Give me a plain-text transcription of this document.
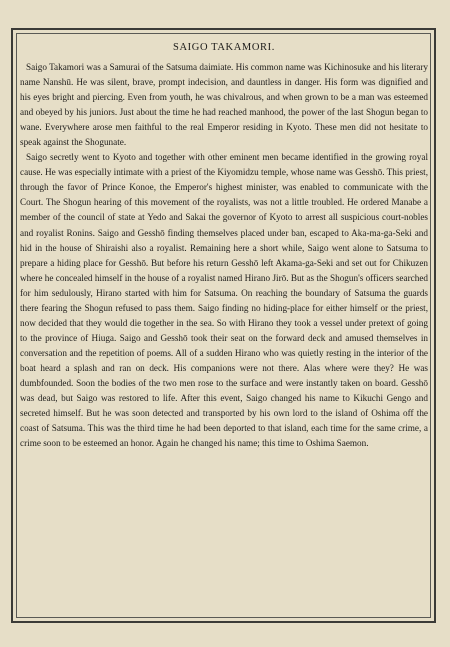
SAIGO TAKAMORI.

Saigo Takamori was a Samurai of the Satsuma daimiate. His common name was Kichinosuke and his literary name Nanshū. He was silent, brave, prompt indecision, and dauntless in danger. His form was dignified and his eyes bright and piercing. Even from youth, he was chivalrous, and when grown to be a man was esteemed and obeyed by his juniors. Just about the time he had reached manhood, the power of the last Shogun began to wane. Everywhere arose men faithful to the real Emperor residing in Kyoto. These men did not hesitate to speak against the Shogunate.

Saigo secretly went to Kyoto and together with other eminent men became identified in the growing royal cause. He was especially intimate with a priest of the Kiyomidzu temple, whose name was Gesshō. This priest, through the favor of Prince Konoe, the Emperor's highest minister, was enabled to communicate with the Court. The Shogun hearing of this movement of the royalists, was not a little troubled. He ordered Manabe a member of the council of state at Yedo and Sakai the governor of Kyoto to arrest all suspicious court-nobles and royalist Ronins. Saigo and Gesshō finding themselves placed under ban, escaped to Aka-ma-ga-Seki and hid in the house of Shiraishi also a royalist. Remaining here a short while, Saigo went alone to Satsuma to prepare a hiding place for Gesshō. But before his return Gesshō left Akama-ga-Seki and set out for Chikuzen where he concealed himself in the house of a royalist named Hirano Jirō. But as the Shogun's officers searched for him sedulously, Hirano started with him for Satsuma. On reaching the boundary of Satsuma the guards there fearing the Shogun refused to pass them. Saigo finding no hiding-place for either himself or the priest, now decided that they would die together in the sea. So with Hirano they took a vessel under pretext of going to the province of Hiuga. Saigo and Gesshō took their seat on the forward deck and amused themselves in conversation and the repetition of poems. All of a sudden Hirano who was quietly resting in the interior of the boat heard a splash and ran on deck. His companions were not there. Alas where were they? He was dumbfounded. Soon the bodies of the two men rose to the surface and were instantly taken on board. Gesshō was dead, but Saigo was restored to life. After this event, Saigo changed his name to Kikuchi Gengo and secreted himself. But he was soon detected and transported by his own lord to the island of Oshima off the coast of Satsuma. This was the third time he had been deported to that island, each time for the same crime, a crime soon to be esteemed an honor. Again he changed his name; this time to Oshima Saemon.
